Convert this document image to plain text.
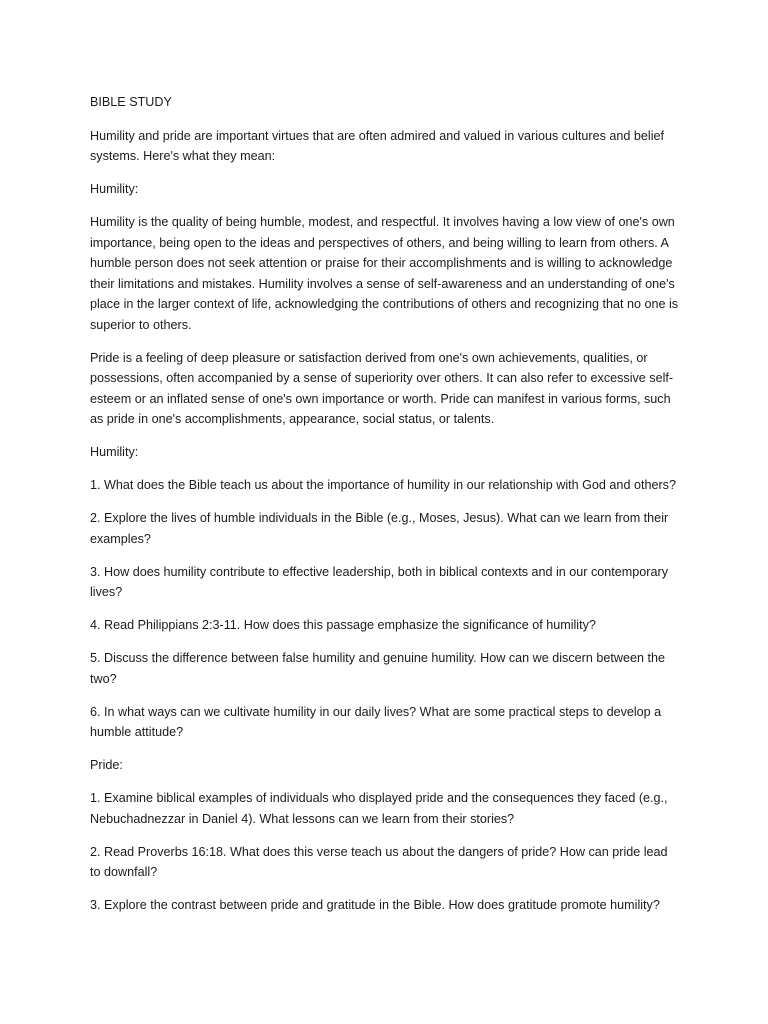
BIBLE STUDY

Humility and pride are important virtues that are often admired and valued in various cultures and belief systems. Here's what they mean:

Humility:

Humility is the quality of being humble, modest, and respectful. It involves having a low view of one's own importance, being open to the ideas and perspectives of others, and being willing to learn from others. A humble person does not seek attention or praise for their accomplishments and is willing to acknowledge their limitations and mistakes. Humility involves a sense of self-awareness and an understanding of one's place in the larger context of life, acknowledging the contributions of others and recognizing that no one is superior to others.

Pride is a feeling of deep pleasure or satisfaction derived from one's own achievements, qualities, or possessions, often accompanied by a sense of superiority over others. It can also refer to excessive self-esteem or an inflated sense of one's own importance or worth. Pride can manifest in various forms, such as pride in one's accomplishments, appearance, social status, or talents.

Humility:

1. What does the Bible teach us about the importance of humility in our relationship with God and others?

2. Explore the lives of humble individuals in the Bible (e.g., Moses, Jesus). What can we learn from their examples?

3. How does humility contribute to effective leadership, both in biblical contexts and in our contemporary lives?

4. Read Philippians 2:3-11. How does this passage emphasize the significance of humility?

5. Discuss the difference between false humility and genuine humility. How can we discern between the two?

6. In what ways can we cultivate humility in our daily lives? What are some practical steps to develop a humble attitude?

Pride:

1. Examine biblical examples of individuals who displayed pride and the consequences they faced (e.g., Nebuchadnezzar in Daniel 4). What lessons can we learn from their stories?

2. Read Proverbs 16:18. What does this verse teach us about the dangers of pride? How can pride lead to downfall?

3. Explore the contrast between pride and gratitude in the Bible. How does gratitude promote humility?
